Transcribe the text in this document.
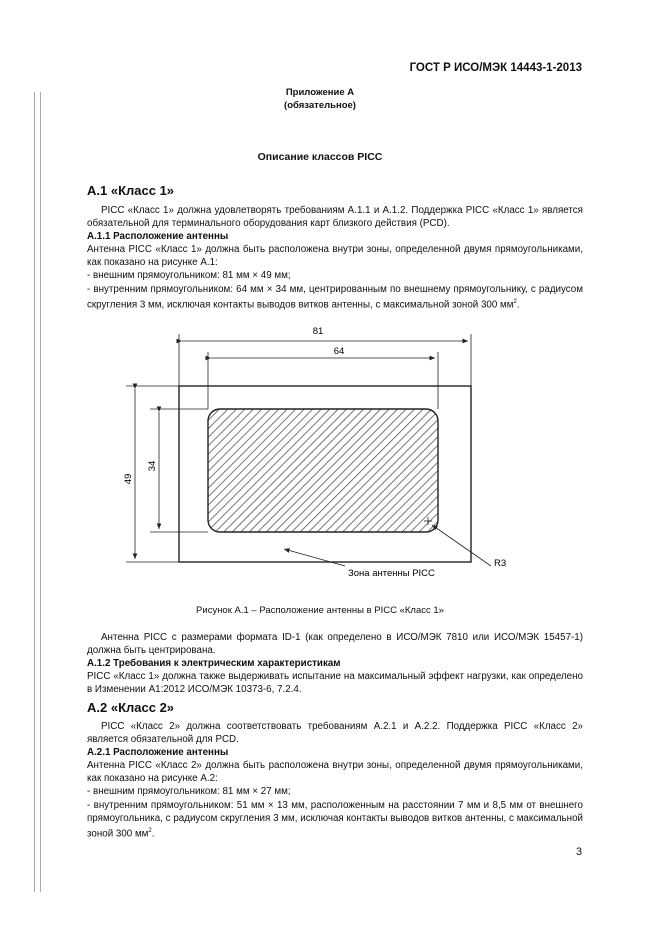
ГОСТ Р ИСО/МЭК 14443-1-2013
Приложение А
(обязательное)
Описание классов PICC
А.1 «Класс 1»

PICC «Класс 1» должна удовлетворять требованиям А.1.1 и А.1.2. Поддержка PICC «Класс 1» является обязательной для терминального оборудования карт близкого действия (PCD).

А.1.1 Расположение антенны

Антенна PICC «Класс 1» должна быть расположена внутри зоны, определенной двумя прямоугольниками, как показано на рисунке А.1:

- внешним прямоугольником: 81 мм × 49 мм;

- внутренним прямоугольником: 64 мм × 34 мм, центрированным по внешнему прямоугольнику, с радиусом скругления 3 мм, исключая контакты выводов витков антенны, с максимальной зоной 300 $мм^2$.

81
64
49
34
R3
Зона антенны PICC
Рисунок А.1 – Расположение антенны в PICC «Класс 1»

Антенна PICC с размерами формата ID-1 (как определено в ИСО/МЭК 7810 или ИСО/МЭК 15457-1) должна быть центрирована.

А.1.2 Требования к электрическим характеристикам

PICC «Класс 1» должна также выдерживать испытание на максимальный эффект нагрузки, как определено в Изменении А1:2012 ИСО/МЭК 10373-6, 7.2.4.

А.2 «Класс 2»

PICC «Класс 2» должна соответствовать требованиям А.2.1 и А.2.2. Поддержка PICC «Класс 2» является обязательной для PCD.

А.2.1 Расположение антенны

Антенна PICC «Класс 2» должна быть расположена внутри зоны, определенной двумя прямоугольниками, как показано на рисунке А.2:

- внешним прямоугольником: 81 мм × 27 мм;

- внутренним прямоугольником: 51 мм × 13 мм, расположенным на расстоянии 7 мм и 8,5 мм от внешнего прямоугольника, с радиусом скругления 3 мм, исключая контакты выводов витков антенны, с максимальной зоной 300 $мм^2$.

3
